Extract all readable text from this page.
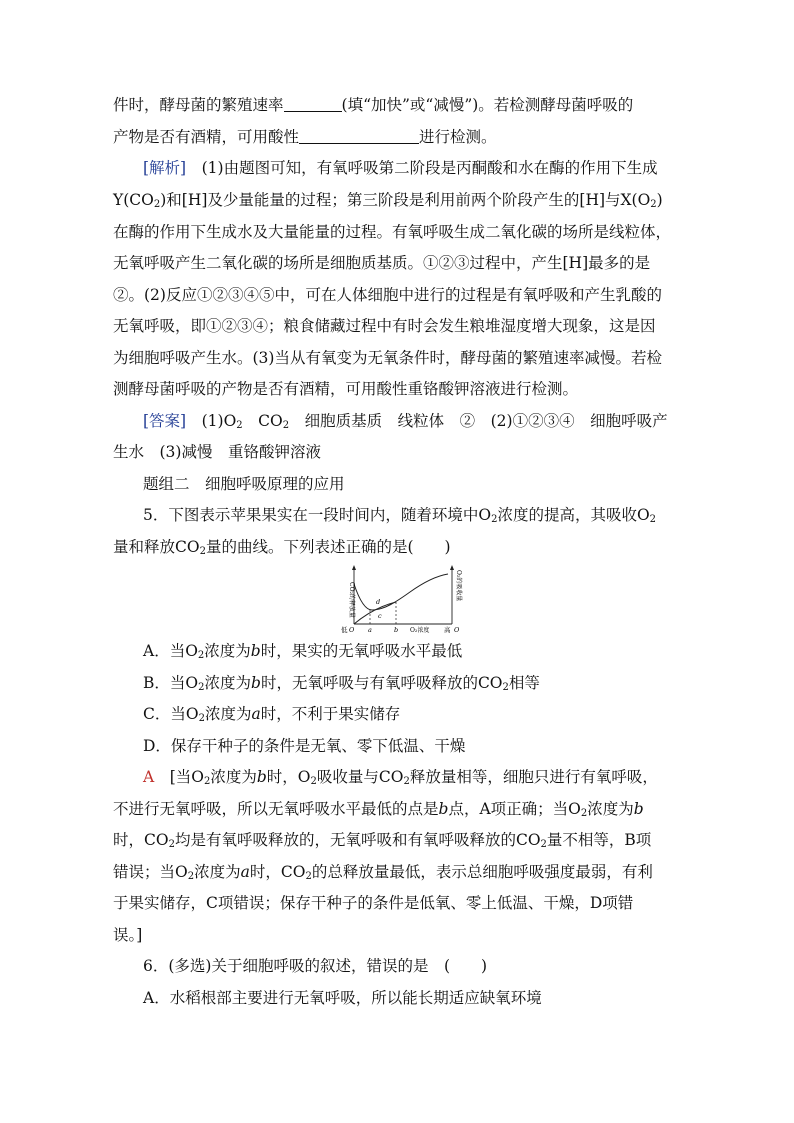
件时，酵母菌的繁殖速率	(填“加快”或“减慢”)。若检测酵母菌呼吸的
产物是否有酒精，可用酸性	进行检测。
[解析]　(1)由题图可知，有氧呼吸第二阶段是丙酮酸和水在酶的作用下生成
$Y(CO_2)$和[H]及少量能量的过程；第三阶段是利用前两个阶段产生的[H]与$X(O_2)$
在酶的作用下生成水及大量能量的过程。有氧呼吸生成二氧化碳的场所是线粒体，
无氧呼吸产生二氧化碳的场所是细胞质基质。①②③过程中，产生[H]最多的是
②。(2)反应①②③④⑤中，可在人体细胞中进行的过程是有氧呼吸和产生乳酸的
无氧呼吸，即①②③④；粮食储藏过程中有时会发生粮堆湿度增大现象，这是因
为细胞呼吸产生水。(3)当从有氧变为无氧条件时，酵母菌的繁殖速率减慢。若检
测酵母菌呼吸的产物是否有酒精，可用酸性重铬酸钾溶液进行检测。
[答案]　$(1)O_2$　$CO_2$　细胞质基质　线粒体　②　(2)①②③④　细胞呼吸产
生水　(3)减慢　重铬酸钾溶液
题组二　细胞呼吸原理的应用
5．下图表示苹果果实在一段时间内，随着环境中$O_2$浓度的提高，其吸收$O_2$
量和释放$CO_2$量的曲线。下列表述正确的是(　　)
CO₂的释放量	O₂的吸收量
低 O a	b O₂浓度 高 O
d
c
A．当$O_2$浓度为b时，果实的无氧呼吸水平最低
B．当$O_2$浓度为b时，无氧呼吸与有氧呼吸释放的$CO_2$相等
C．当$O_2$浓度为a时，不利于果实储存
D．保存干种子的条件是无氧、零下低温、干燥
A　[当$O_2$浓度为b时，$O_2$吸收量与$CO_2$释放量相等，细胞只进行有氧呼吸，
不进行无氧呼吸，所以无氧呼吸水平最低的点是b点，A项正确；当$O_2$浓度为b
时，$CO_2$均是有氧呼吸释放的，无氧呼吸和有氧呼吸释放的$CO_2$量不相等，B项
错误；当$O_2$浓度为a时，$CO_2$的总释放量最低，表示总细胞呼吸强度最弱，有利
于果实储存，C项错误；保存干种子的条件是低氧、零上低温、干燥，D项错
误。]
6．(多选)关于细胞呼吸的叙述，错误的是　(　　)
A．水稻根部主要进行无氧呼吸，所以能长期适应缺氧环境
